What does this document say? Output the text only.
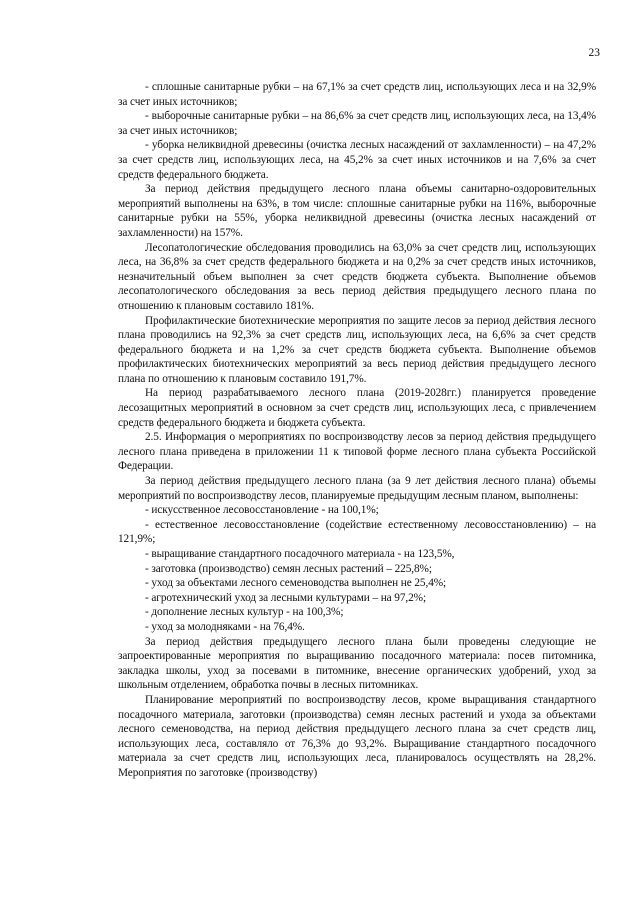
23

- сплошные санитарные рубки – на 67,1% за счет средств лиц, использующих леса и на 32,9% за счет иных источников;

- выборочные санитарные рубки – на 86,6% за счет средств лиц, использующих леса, на 13,4% за счет иных источников;

- уборка неликвидной древесины (очистка лесных насаждений от захламленности) – на 47,2% за счет средств лиц, использующих леса, на 45,2% за счет иных источников и на 7,6% за счет средств федерального бюджета.

За период действия предыдущего лесного плана объемы санитарно-оздоровительных мероприятий выполнены на 63%, в том числе: сплошные санитарные рубки на 116%, выборочные санитарные рубки на 55%, уборка неликвидной древесины (очистка лесных насаждений от захламленности) на 157%.

Лесопатологические обследования проводились на 63,0% за счет средств лиц, использующих леса, на 36,8% за счет средств федерального бюджета и на 0,2% за счет средств иных источников, незначительный объем выполнен за счет средств бюджета субъекта. Выполнение объемов лесопатологического обследования за весь период действия предыдущего лесного плана по отношению к плановым составило 181%.

Профилактические биотехнические мероприятия по защите лесов за период действия лесного плана проводились на 92,3% за счет средств лиц, использующих леса, на 6,6% за счет средств федерального бюджета и на 1,2% за счет средств бюджета субъекта. Выполнение объемов профилактических биотехнических мероприятий за весь период действия предыдущего лесного плана по отношению к плановым составило 191,7%.

На период разрабатываемого лесного плана (2019-2028гг.) планируется проведение лесозащитных мероприятий в основном за счет средств лиц, использующих леса, с привлечением средств федерального бюджета и бюджета субъекта.

2.5. Информация о мероприятиях по воспроизводству лесов за период действия предыдущего лесного плана приведена в приложении 11 к типовой форме лесного плана субъекта Российской Федерации.

За период действия предыдущего лесного плана (за 9 лет действия лесного плана) объемы мероприятий по воспроизводству лесов, планируемые предыдущим лесным планом, выполнены:

- искусственное лесовосстановление - на 100,1%;

- естественное лесовосстановление (содействие естественному лесовосстановлению) – на 121,9%;

- выращивание стандартного посадочного материала - на 123,5%,

- заготовка (производство) семян лесных растений – 225,8%;

- уход за объектами лесного семеноводства выполнен не 25,4%;

- агротехнический уход за лесными культурами – на 97,2%;

- дополнение лесных культур - на 100,3%;

- уход за молодняками - на 76,4%.

За период действия предыдущего лесного плана были проведены следующие не запроектированные мероприятия по выращиванию посадочного материала: посев питомника, закладка школы, уход за посевами в питомнике, внесение органических удобрений, уход за школьным отделением, обработка почвы в лесных питомниках.

Планирование мероприятий по воспроизводству лесов, кроме выращивания стандартного посадочного материала, заготовки (производства) семян лесных растений и ухода за объектами лесного семеноводства, на период действия предыдущего лесного плана за счет средств лиц, использующих леса, составляло от 76,3% до 93,2%. Выращивание стандартного посадочного материала за счет средств лиц, использующих леса, планировалось осуществлять на 28,2%. Мероприятия по заготовке (производству)
